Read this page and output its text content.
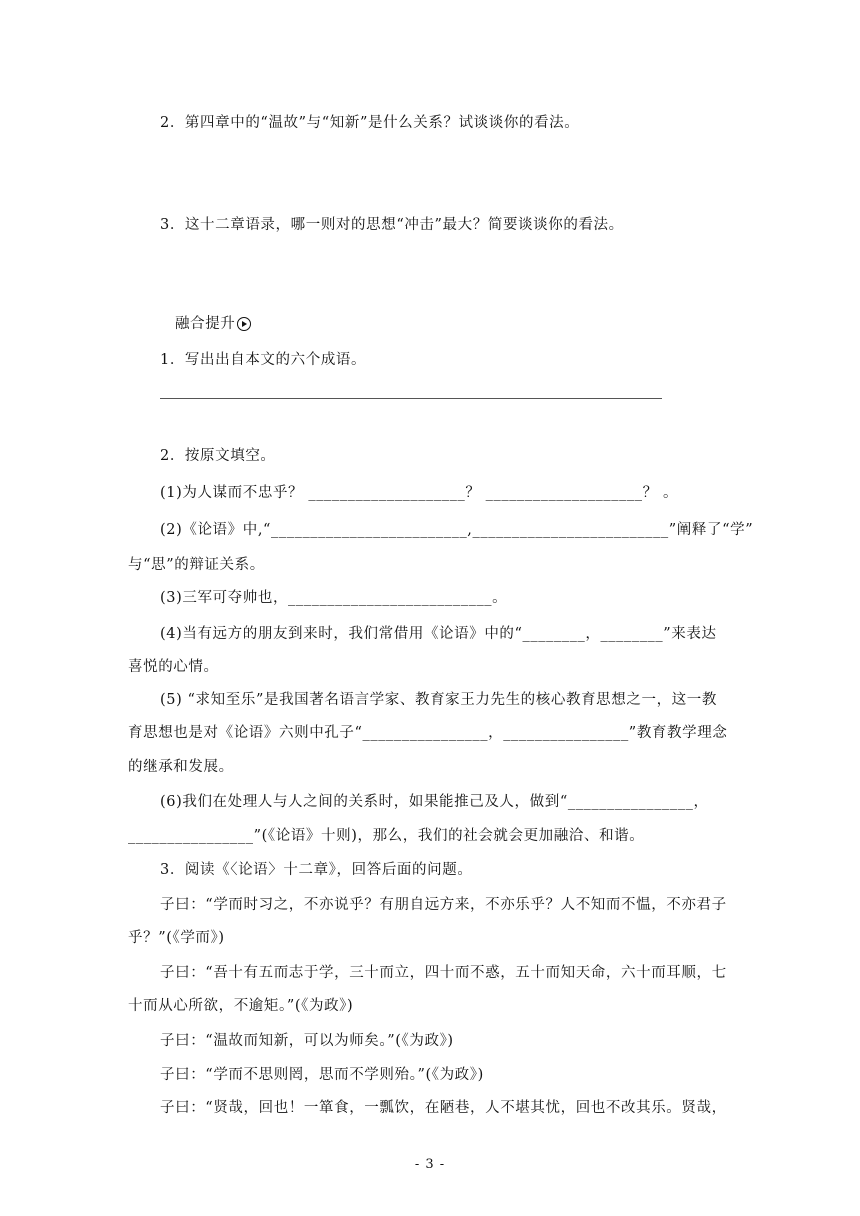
2．第四章中的“温故”与“知新”是什么关系？试谈谈你的看法。
3．这十二章语录，哪一则对的思想“冲击”最大？简要谈谈你的看法。
融合提升
1．写出出自本文的六个成语。
2．按原文填空。
(1)为人谋而不忠乎？ ____________________？ ____________________？ 。
(2)《论语》中,“_________________________,_________________________”阐释了“学”
与“思”的辩证关系。
(3)三军可夺帅也，__________________________。
(4)当有远方的朋友到来时，我们常借用《论语》中的“________，________”来表达
喜悦的心情。
(5) “求知至乐”是我国著名语言学家、教育家王力先生的核心教育思想之一，这一教
育思想也是对《论语》六则中孔子“________________，________________”教育教学理念
的继承和发展。
(6)我们在处理人与人之间的关系时，如果能推己及人，做到“________________，
________________”(《论语》十则)，那么，我们的社会就会更加融洽、和谐。
3．阅读《〈论语〉十二章》，回答后面的问题。
子曰：“学而时习之，不亦说乎？有朋自远方来，不亦乐乎？人不知而不愠，不亦君子
乎？”(《学而》)
子曰：“吾十有五而志于学，三十而立，四十而不惑，五十而知天命，六十而耳顺，七
十而从心所欲，不逾矩。”(《为政》)
子曰：“温故而知新，可以为师矣。”(《为政》)
子曰：“学而不思则罔，思而不学则殆。”(《为政》)
子曰：“贤哉，回也！一箪食，一瓢饮，在陋巷，人不堪其忧，回也不改其乐。贤哉，
- 3 -
